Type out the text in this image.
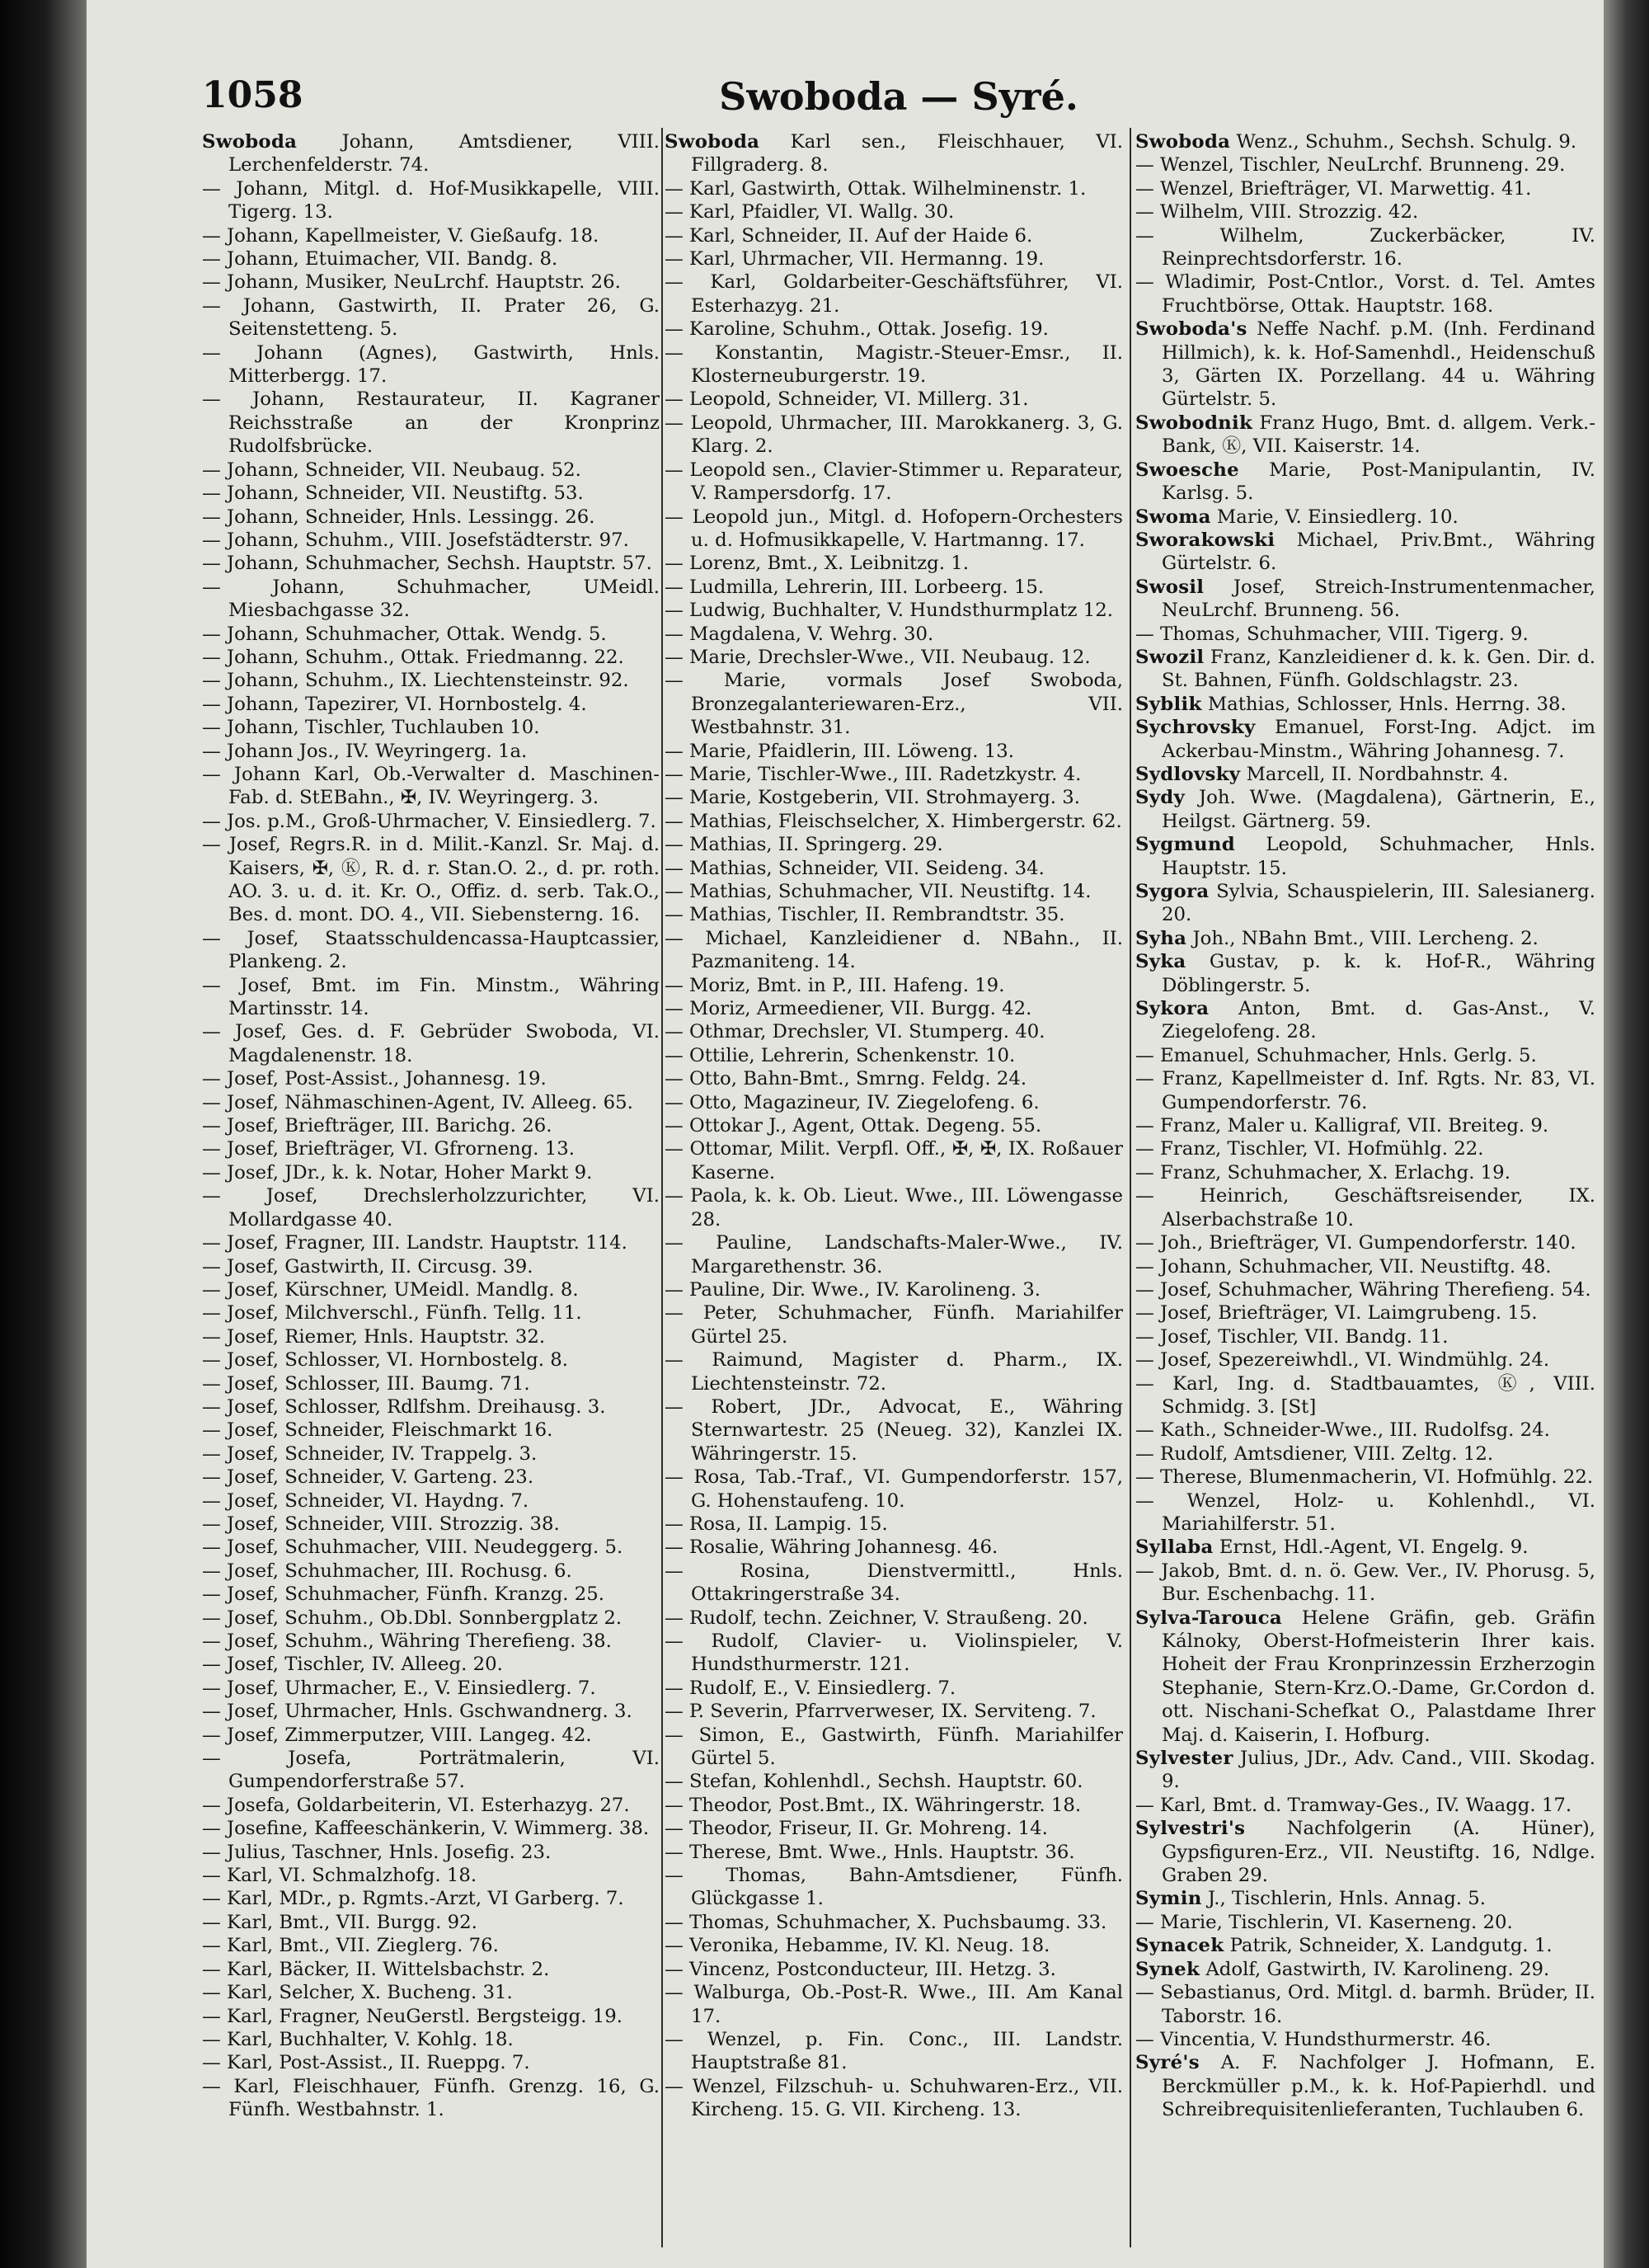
1058	Swoboda — Syré.

Swoboda Johann, Amtsdiener, VIII. Lerchenfelderstr. 74.

— Johann, Mitgl. d. Hof-Musikkapelle, VIII. Tigerg. 13.

— Johann, Kapellmeister, V. Gießaufg. 18.

— Johann, Etuimacher, VII. Bandg. 8.

— Johann, Musiker, NeuLrchf. Hauptstr. 26.

— Johann, Gastwirth, II. Prater 26, G. Seitenstetteng. 5.

— Johann (Agnes), Gastwirth, Hnls. Mitterbergg. 17.

— Johann, Restaurateur, II. Kagraner Reichsstraße an der Kronprinz Rudolfsbrücke.

— Johann, Schneider, VII. Neubaug. 52.

— Johann, Schneider, VII. Neustiftg. 53.

— Johann, Schneider, Hnls. Lessingg. 26.

— Johann, Schuhm., VIII. Josefstädterstr. 97.

— Johann, Schuhmacher, Sechsh. Hauptstr. 57.

— Johann, Schuhmacher, UMeidl. Miesbachgasse 32.

— Johann, Schuhmacher, Ottak. Wendg. 5.

— Johann, Schuhm., Ottak. Friedmanng. 22.

— Johann, Schuhm., IX. Liechtensteinstr. 92.

— Johann, Tapezirer, VI. Hornbostelg. 4.

— Johann, Tischler, Tuchlauben 10.

— Johann Jos., IV. Weyringerg. 1a.

— Johann Karl, Ob.-Verwalter d. Maschinen-Fab. d. StEBahn., ✠, IV. Weyringerg. 3.

— Jos. p.M., Groß-Uhrmacher, V. Einsiedlerg. 7.

— Josef, Regrs.R. in d. Milit.-Kanzl. Sr. Maj. d. Kaisers, ✠, Ⓚ, R. d. r. Stan.O. 2., d. pr. roth. AO. 3. u. d. it. Kr. O., Offiz. d. serb. Tak.O., Bes. d. mont. DO. 4., VII. Siebensterng. 16.

— Josef, Staatsschuldencassa-Hauptcassier, Plankeng. 2.

— Josef, Bmt. im Fin. Minstm., Währing Martinsstr. 14.

— Josef, Ges. d. F. Gebrüder Swoboda, VI. Magdalenenstr. 18.

— Josef, Post-Assist., Johannesg. 19.

— Josef, Nähmaschinen-Agent, IV. Alleeg. 65.

— Josef, Briefträger, III. Barichg. 26.

— Josef, Briefträger, VI. Gfrorneng. 13.

— Josef, JDr., k. k. Notar, Hoher Markt 9.

— Josef, Drechslerholzzurichter, VI. Mollardgasse 40.

— Josef, Fragner, III. Landstr. Hauptstr. 114.

— Josef, Gastwirth, II. Circusg. 39.

— Josef, Kürschner, UMeidl. Mandlg. 8.

— Josef, Milchverschl., Fünfh. Tellg. 11.

— Josef, Riemer, Hnls. Hauptstr. 32.

— Josef, Schlosser, VI. Hornbostelg. 8.

— Josef, Schlosser, III. Baumg. 71.

— Josef, Schlosser, Rdlfshm. Dreihausg. 3.

— Josef, Schneider, Fleischmarkt 16.

— Josef, Schneider, IV. Trappelg. 3.

— Josef, Schneider, V. Garteng. 23.

— Josef, Schneider, VI. Haydng. 7.

— Josef, Schneider, VIII. Strozzig. 38.

— Josef, Schuhmacher, VIII. Neudeggerg. 5.

— Josef, Schuhmacher, III. Rochusg. 6.

— Josef, Schuhmacher, Fünfh. Kranzg. 25.

— Josef, Schuhm., Ob.Dbl. Sonnbergplatz 2.

— Josef, Schuhm., Währing Therefieng. 38.

— Josef, Tischler, IV. Alleeg. 20.

— Josef, Uhrmacher, E., V. Einsiedlerg. 7.

— Josef, Uhrmacher, Hnls. Gschwandnerg. 3.

— Josef, Zimmerputzer, VIII. Langeg. 42.

— Josefa, Porträtmalerin, VI. Gumpendorferstraße 57.

— Josefa, Goldarbeiterin, VI. Esterhazyg. 27.

— Josefine, Kaffeeschänkerin, V. Wimmerg. 38.

— Julius, Taschner, Hnls. Josefig. 23.

— Karl, VI. Schmalzhofg. 18.

— Karl, MDr., p. Rgmts.-Arzt, VI Garberg. 7.

— Karl, Bmt., VII. Burgg. 92.

— Karl, Bmt., VII. Zieglerg. 76.

— Karl, Bäcker, II. Wittelsbachstr. 2.

— Karl, Selcher, X. Bucheng. 31.

— Karl, Fragner, NeuGerstl. Bergsteigg. 19.

— Karl, Buchhalter, V. Kohlg. 18.

— Karl, Post-Assist., II. Rueppg. 7.

— Karl, Fleischhauer, Fünfh. Grenzg. 16, G. Fünfh. Westbahnstr. 1.

Swoboda Karl sen., Fleischhauer, VI. Fillgraderg. 8.

— Karl, Gastwirth, Ottak. Wilhelminenstr. 1.

— Karl, Pfaidler, VI. Wallg. 30.

— Karl, Schneider, II. Auf der Haide 6.

— Karl, Uhrmacher, VII. Hermanng. 19.

— Karl, Goldarbeiter-Geschäftsführer, VI. Esterhazyg. 21.

— Karoline, Schuhm., Ottak. Josefig. 19.

— Konstantin, Magistr.-Steuer-Emsr., II. Klosterneuburgerstr. 19.

— Leopold, Schneider, VI. Millerg. 31.

— Leopold, Uhrmacher, III. Marokkanerg. 3, G. Klarg. 2.

— Leopold sen., Clavier-Stimmer u. Reparateur, V. Rampersdorfg. 17.

— Leopold jun., Mitgl. d. Hofopern-Orchesters u. d. Hofmusikkapelle, V. Hartmanng. 17.

— Lorenz, Bmt., X. Leibnitzg. 1.

— Ludmilla, Lehrerin, III. Lorbeerg. 15.

— Ludwig, Buchhalter, V. Hundsthurmplatz 12.

— Magdalena, V. Wehrg. 30.

— Marie, Drechsler-Wwe., VII. Neubaug. 12.

— Marie, vormals Josef Swoboda, Bronzegalanteriewaren-Erz., VII. Westbahnstr. 31.

— Marie, Pfaidlerin, III. Löweng. 13.

— Marie, Tischler-Wwe., III. Radetzkystr. 4.

— Marie, Kostgeberin, VII. Strohmayerg. 3.

— Mathias, Fleischselcher, X. Himbergerstr. 62.

— Mathias, II. Springerg. 29.

— Mathias, Schneider, VII. Seideng. 34.

— Mathias, Schuhmacher, VII. Neustiftg. 14.

— Mathias, Tischler, II. Rembrandtstr. 35.

— Michael, Kanzleidiener d. NBahn., II. Pazmaniteng. 14.

— Moriz, Bmt. in P., III. Hafeng. 19.

— Moriz, Armeediener, VII. Burgg. 42.

— Othmar, Drechsler, VI. Stumperg. 40.

— Ottilie, Lehrerin, Schenkenstr. 10.

— Otto, Bahn-Bmt., Smrng. Feldg. 24.

— Otto, Magazineur, IV. Ziegelofeng. 6.

— Ottokar J., Agent, Ottak. Degeng. 55.

— Ottomar, Milit. Verpfl. Off., ✠, ✠, IX. Roßauer Kaserne.

— Paola, k. k. Ob. Lieut. Wwe., III. Löwengasse 28.

— Pauline, Landschafts-Maler-Wwe., IV. Margarethenstr. 36.

— Pauline, Dir. Wwe., IV. Karolineng. 3.

— Peter, Schuhmacher, Fünfh. Mariahilfer Gürtel 25.

— Raimund, Magister d. Pharm., IX. Liechtensteinstr. 72.

— Robert, JDr., Advocat, E., Währing Sternwartestr. 25 (Neueg. 32), Kanzlei IX. Währingerstr. 15.

— Rosa, Tab.-Traf., VI. Gumpendorferstr. 157, G. Hohenstaufeng. 10.

— Rosa, II. Lampig. 15.

— Rosalie, Währing Johannesg. 46.

— Rosina, Dienstvermittl., Hnls. Ottakringerstraße 34.

— Rudolf, techn. Zeichner, V. Straußeng. 20.

— Rudolf, Clavier- u. Violinspieler, V. Hundsthurmerstr. 121.

— Rudolf, E., V. Einsiedlerg. 7.

— P. Severin, Pfarrverweser, IX. Serviteng. 7.

— Simon, E., Gastwirth, Fünfh. Mariahilfer Gürtel 5.

— Stefan, Kohlenhdl., Sechsh. Hauptstr. 60.

— Theodor, Post.Bmt., IX. Währingerstr. 18.

— Theodor, Friseur, II. Gr. Mohreng. 14.

— Therese, Bmt. Wwe., Hnls. Hauptstr. 36.

— Thomas, Bahn-Amtsdiener, Fünfh. Glückgasse 1.

— Thomas, Schuhmacher, X. Puchsbaumg. 33.

— Veronika, Hebamme, IV. Kl. Neug. 18.

— Vincenz, Postconducteur, III. Hetzg. 3.

— Walburga, Ob.-Post-R. Wwe., III. Am Kanal 17.

— Wenzel, p. Fin. Conc., III. Landstr. Hauptstraße 81.

— Wenzel, Filzschuh- u. Schuhwaren-Erz., VII. Kircheng. 15. G. VII. Kircheng. 13.

Swoboda Wenz., Schuhm., Sechsh. Schulg. 9.

— Wenzel, Tischler, NeuLrchf. Brunneng. 29.

— Wenzel, Briefträger, VI. Marwettig. 41.

— Wilhelm, VIII. Strozzig. 42.

— Wilhelm, Zuckerbäcker, IV. Reinprechtsdorferstr. 16.

— Wladimir, Post-Cntlor., Vorst. d. Tel. Amtes Fruchtbörse, Ottak. Hauptstr. 168.

Swoboda's Neffe Nachf. p.M. (Inh. Ferdinand Hillmich), k. k. Hof-Samenhdl., Heidenschuß 3, Gärten IX. Porzellang. 44 u. Währing Gürtelstr. 5.

Swobodnik Franz Hugo, Bmt. d. allgem. Verk.-Bank, Ⓚ, VII. Kaiserstr. 14.

Swoesche Marie, Post-Manipulantin, IV. Karlsg. 5.

Swoma Marie, V. Einsiedlerg. 10.

Sworakowski Michael, Priv.Bmt., Währing Gürtelstr. 6.

Swosil Josef, Streich-Instrumentenmacher, NeuLrchf. Brunneng. 56.

— Thomas, Schuhmacher, VIII. Tigerg. 9.

Swozil Franz, Kanzleidiener d. k. k. Gen. Dir. d. St. Bahnen, Fünfh. Goldschlagstr. 23.

Syblik Mathias, Schlosser, Hnls. Herrng. 38.

Sychrovsky Emanuel, Forst-Ing. Adjct. im Ackerbau-Minstm., Währing Johannesg. 7.

Sydlovsky Marcell, II. Nordbahnstr. 4.

Sydy Joh. Wwe. (Magdalena), Gärtnerin, E., Heilgst. Gärtnerg. 59.

Sygmund Leopold, Schuhmacher, Hnls. Hauptstr. 15.

Sygora Sylvia, Schauspielerin, III. Salesianerg. 20.

Syha Joh., NBahn Bmt., VIII. Lercheng. 2.

Syka Gustav, p. k. k. Hof-R., Währing Döblingerstr. 5.

Sykora Anton, Bmt. d. Gas-Anst., V. Ziegelofeng. 28.

— Emanuel, Schuhmacher, Hnls. Gerlg. 5.

— Franz, Kapellmeister d. Inf. Rgts. Nr. 83, VI. Gumpendorferstr. 76.

— Franz, Maler u. Kalligraf, VII. Breiteg. 9.

— Franz, Tischler, VI. Hofmühlg. 22.

— Franz, Schuhmacher, X. Erlachg. 19.

— Heinrich, Geschäftsreisender, IX. Alserbachstraße 10.

— Joh., Briefträger, VI. Gumpendorferstr. 140.

— Johann, Schuhmacher, VII. Neustiftg. 48.

— Josef, Schuhmacher, Währing Therefieng. 54.

— Josef, Briefträger, VI. Laimgrubeng. 15.

— Josef, Tischler, VII. Bandg. 11.

— Josef, Spezereiwhdl., VI. Windmühlg. 24.

— Karl, Ing. d. Stadtbauamtes, Ⓚ, VIII. Schmidg. 3. [St]

— Kath., Schneider-Wwe., III. Rudolfsg. 24.

— Rudolf, Amtsdiener, VIII. Zeltg. 12.

— Therese, Blumenmacherin, VI. Hofmühlg. 22.

— Wenzel, Holz- u. Kohlenhdl., VI. Mariahilferstr. 51.

Syllaba Ernst, Hdl.-Agent, VI. Engelg. 9.

— Jakob, Bmt. d. n. ö. Gew. Ver., IV. Phorusg. 5, Bur. Eschenbachg. 11.

Sylva-Tarouca Helene Gräfin, geb. Gräfin Kálnoky, Oberst-Hofmeisterin Ihrer kais. Hoheit der Frau Kronprinzessin Erzherzogin Stephanie, Stern-Krz.O.-Dame, Gr.Cordon d. ott. Nischani-Schefkat O., Palastdame Ihrer Maj. d. Kaiserin, I. Hofburg.

Sylvester Julius, JDr., Adv. Cand., VIII. Skodag. 9.

— Karl, Bmt. d. Tramway-Ges., IV. Waagg. 17.

Sylvestri's Nachfolgerin (A. Hüner), Gypsfiguren-Erz., VII. Neustiftg. 16, Ndlge. Graben 29.

Symin J., Tischlerin, Hnls. Annag. 5.

— Marie, Tischlerin, VI. Kaserneng. 20.

Synacek Patrik, Schneider, X. Landgutg. 1.

Synek Adolf, Gastwirth, IV. Karolineng. 29.

— Sebastianus, Ord. Mitgl. d. barmh. Brüder, II. Taborstr. 16.

— Vincentia, V. Hundsthurmerstr. 46.

Syré's A. F. Nachfolger J. Hofmann, E. Berckmüller p.M., k. k. Hof-Papierhdl. und Schreibrequisitenlieferanten, Tuchlauben 6.
